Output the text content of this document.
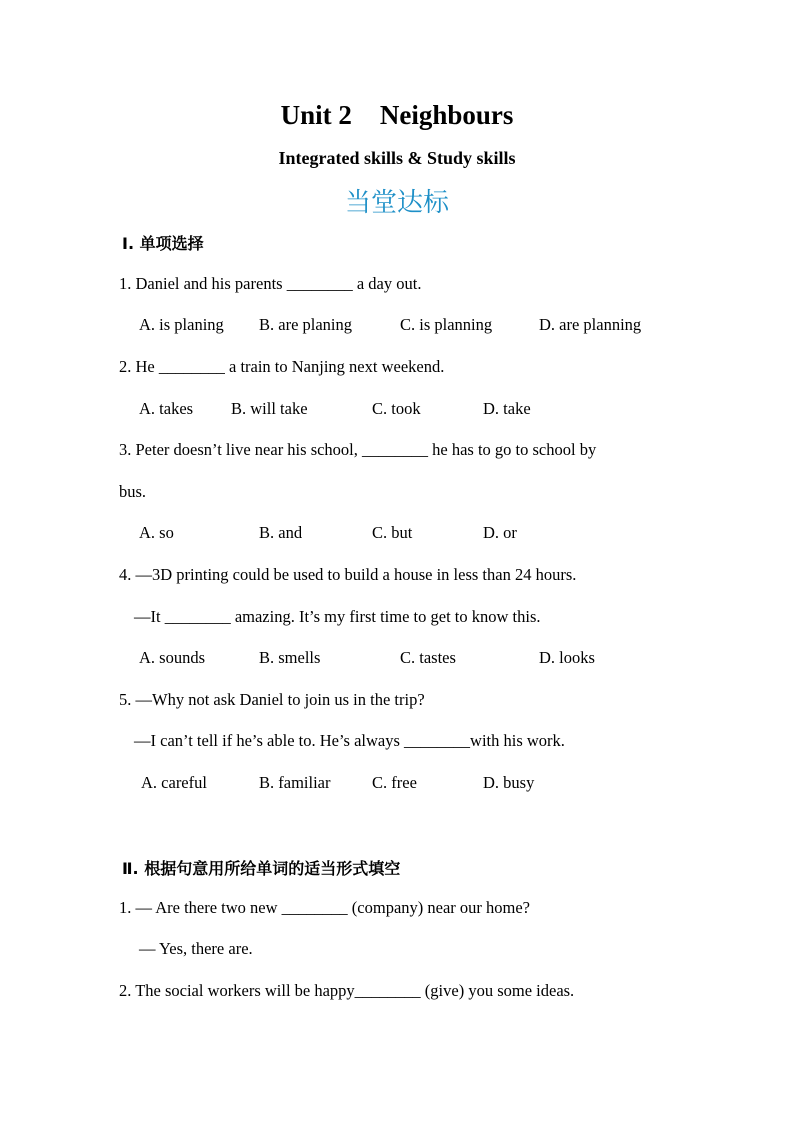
Unit 2 Neighbours
Integrated skills & Study skills
当堂达标
Ⅰ. 单项选择
1. Daniel and his parents ________ a day out.
A. is planing B. are planing	C. is planning	D. are planning
2. He ________ a train to Nanjing next weekend.
A. takes B. will take	C. took	D. take
3. Peter doesn’t live near his school, ________ he has to go to school by
bus.
A. so	B. and	C. but	D. or
4. —3D printing could be used to build a house in less than 24 hours.
—It ________ amazing. It’s my first time to get to know this.
A. sounds	B. smells	C. tastes	D. looks
5. —Why not ask Daniel to join us in the trip?
—I can’t tell if he’s able to. He’s always ________with his work.
A. careful	B. familiar	C. free	D. busy
Ⅱ. 根据句意用所给单词的适当形式填空
1. — Are there two new ________ (company) near our home?
— Yes, there are.
2. The social workers will be happy________ (give) you some ideas.
